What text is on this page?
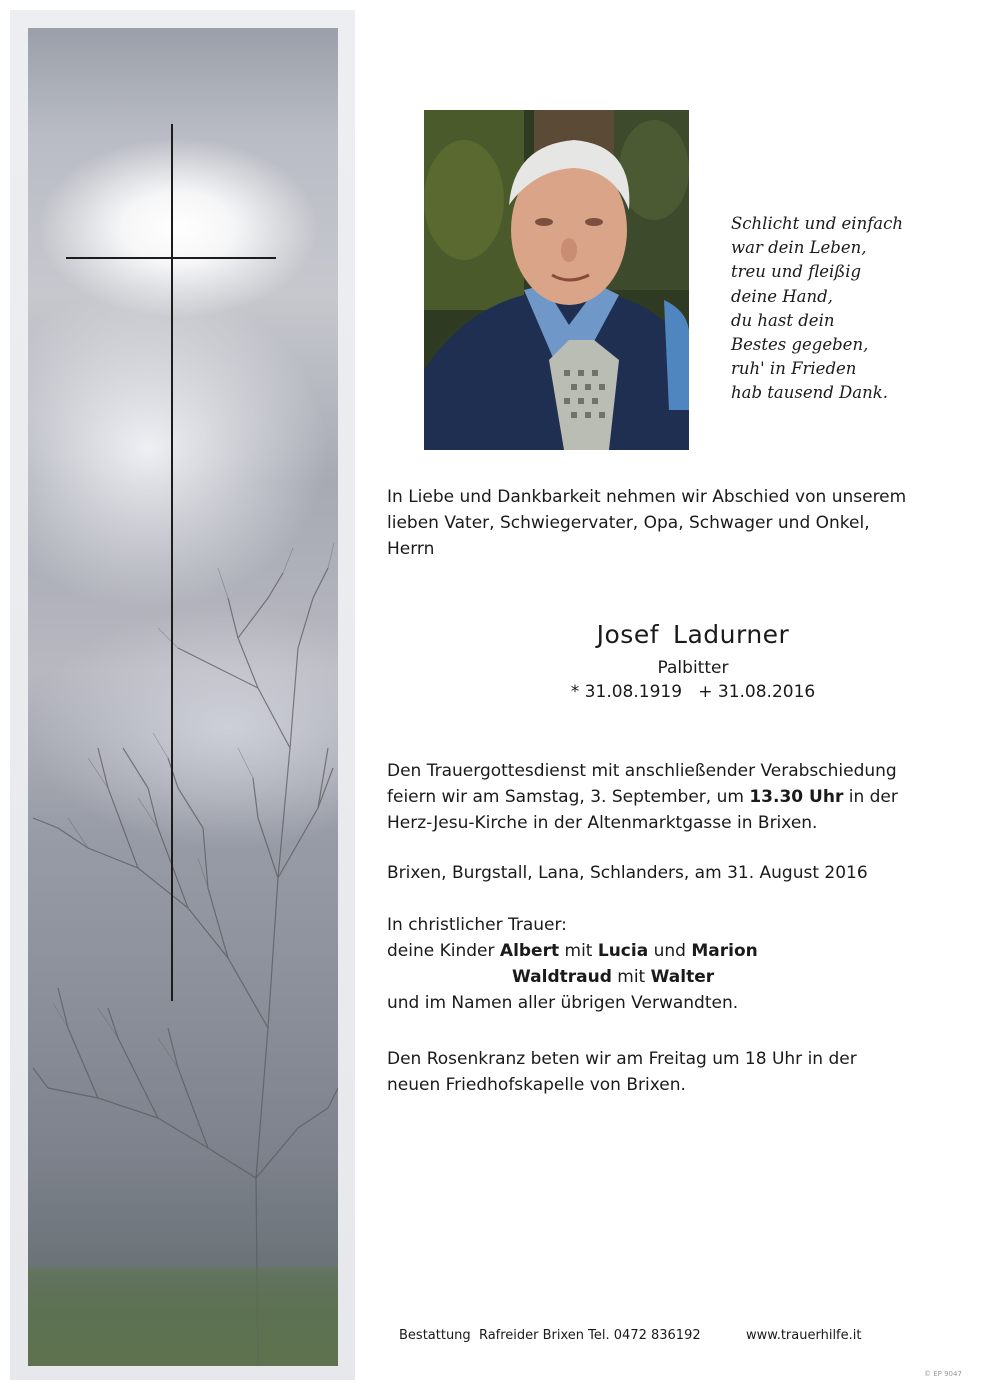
Schlicht und einfach
war dein Leben,
treu und fleißig
deine Hand,
du hast dein
Bestes gegeben,
ruh' in Frieden
hab tausend Dank.
In Liebe und Dankbarkeit nehmen wir Abschied von unserem
lieben Vater, Schwiegervater, Opa, Schwager und Onkel,
Herrn
Josef Ladurner
Palbitter
* 31.08.1919   + 31.08.2016
Den Trauergottesdienst mit anschließender Verabschiedung
feiern wir am Samstag, 3. September, um 13.30 Uhr in der
Herz-Jesu-Kirche in der Altenmarktgasse in Brixen.
Brixen, Burgstall, Lana, Schlanders, am 31. August 2016
In christlicher Trauer:
deine Kinder Albert mit Lucia und Marion
Waldtraud mit Walter
und im Namen aller übrigen Verwandten.
Den Rosenkranz beten wir am Freitag um 18 Uhr in der
neuen Friedhofskapelle von Brixen.
Bestattung  Rafreider Brixen Tel. 0472 836192	www.trauerhilfe.it
© EP 9047
